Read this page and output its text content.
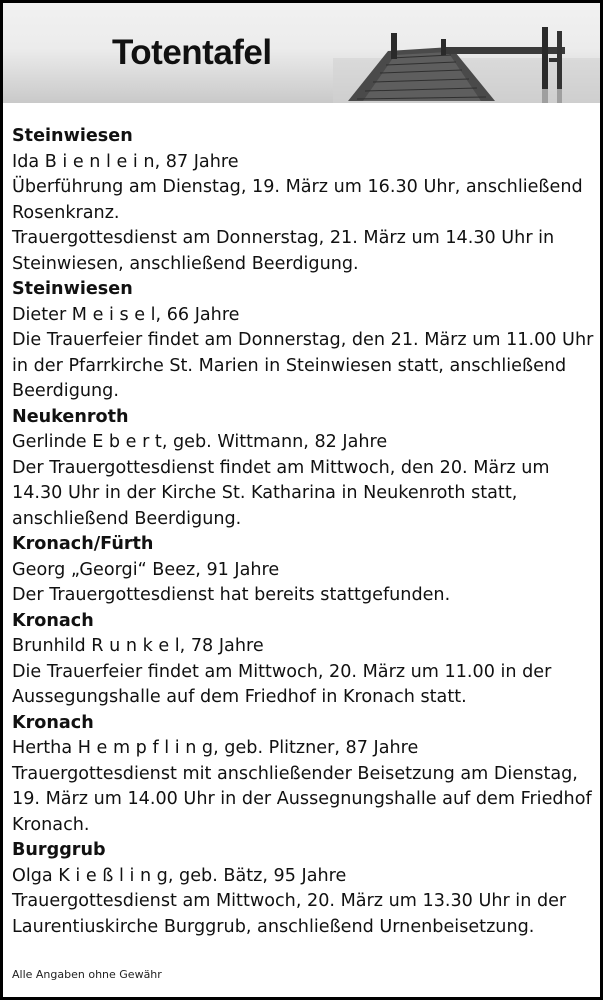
Totentafel

Steinwiesen

Ida B i e n l e i n, 87 Jahre

Überführung am Dienstag, 19. März um 16.30 Uhr, anschließend

Rosenkranz.

Trauergottesdienst am Donnerstag, 21. März um 14.30 Uhr in

Steinwiesen, anschließend Beerdigung.

Steinwiesen

Dieter M e i s e l, 66 Jahre

Die Trauerfeier findet am Donnerstag, den 21. März um 11.00 Uhr

in der Pfarrkirche St. Marien in Steinwiesen statt, anschließend

Beerdigung.

Neukenroth

Gerlinde E b e r t, geb. Wittmann, 82 Jahre

Der Trauergottesdienst findet am Mittwoch, den 20. März um

14.30 Uhr in der Kirche St. Katharina in Neukenroth statt,

anschließend Beerdigung.

Kronach/Fürth

Georg „Georgi“ Beez, 91 Jahre

Der Trauergottesdienst hat bereits stattgefunden.

Kronach

Brunhild R u n k e l, 78 Jahre

Die Trauerfeier findet am Mittwoch, 20. März um 11.00 in der

Aussegungshalle auf dem Friedhof in Kronach statt.

Kronach

Hertha H e m p f l i n g, geb. Plitzner, 87 Jahre

Trauergottesdienst mit anschließender Beisetzung am Dienstag,

19. März um 14.00 Uhr in der Aussegnungshalle auf dem Friedhof

Kronach.

Burggrub

Olga K i e ß l i n g, geb. Bätz, 95 Jahre

Trauergottesdienst am Mittwoch, 20. März um 13.30 Uhr in der

Laurentiuskirche Burggrub, anschließend Urnenbeisetzung.

Alle Angaben ohne Gewähr
